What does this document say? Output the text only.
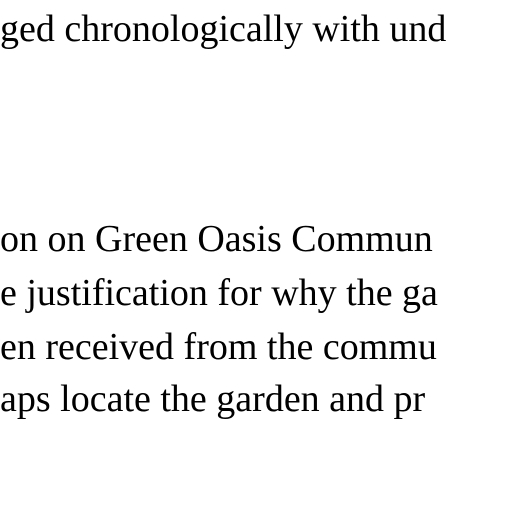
ged chronologically with und

on on Green Oasis Commun

e justification for why the ga

en received from the commu

aps locate the garden and pr
